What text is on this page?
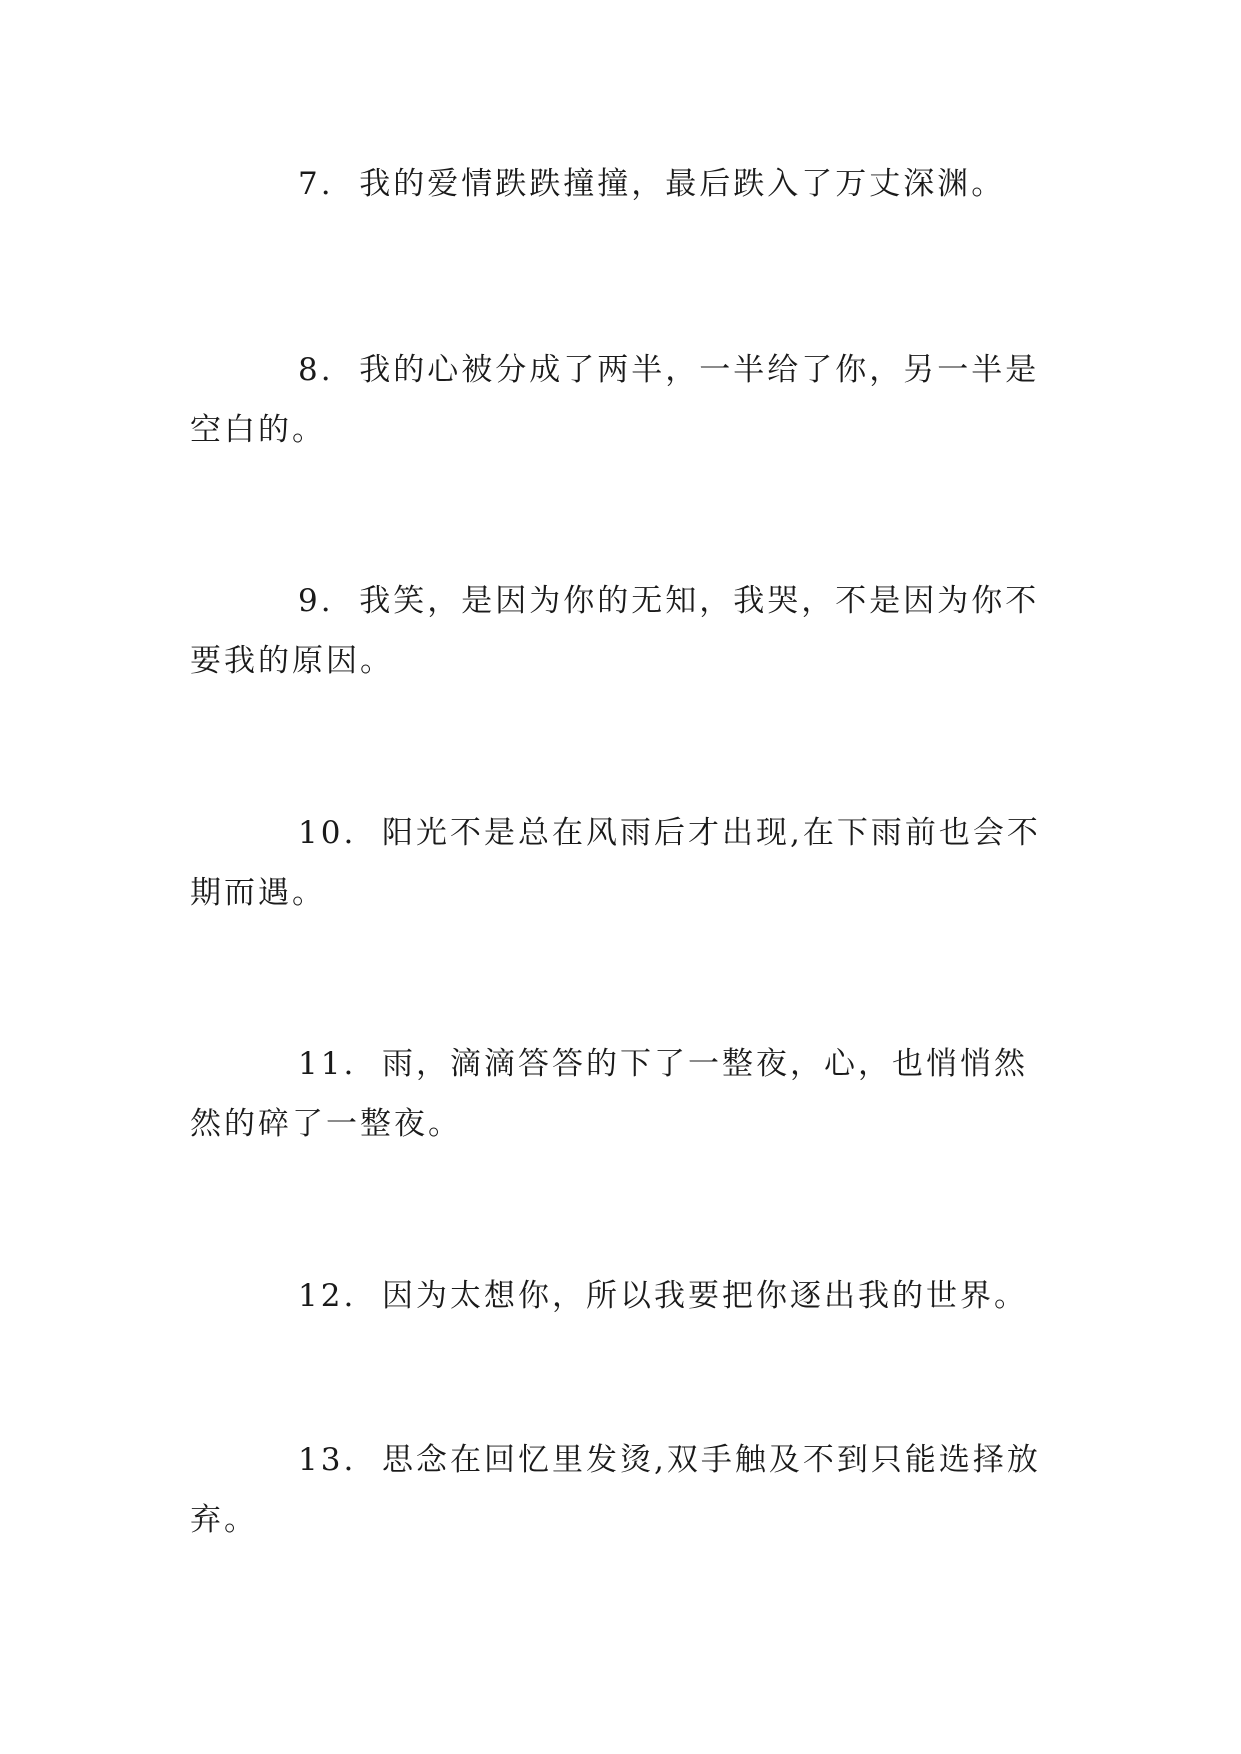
7. 我的爱情跌跌撞撞，最后跌入了万丈深渊。

8. 我的心被分成了两半，一半给了你，另一半是空白的。

9. 我笑，是因为你的无知，我哭，不是因为你不要我的原因。

10. 阳光不是总在风雨后才出现,在下雨前也会不期而遇。

11. 雨，滴滴答答的下了一整夜，心，也悄悄然然的碎了一整夜。

12. 因为太想你，所以我要把你逐出我的世界。

13. 思念在回忆里发烫,双手触及不到只能选择放弃。
